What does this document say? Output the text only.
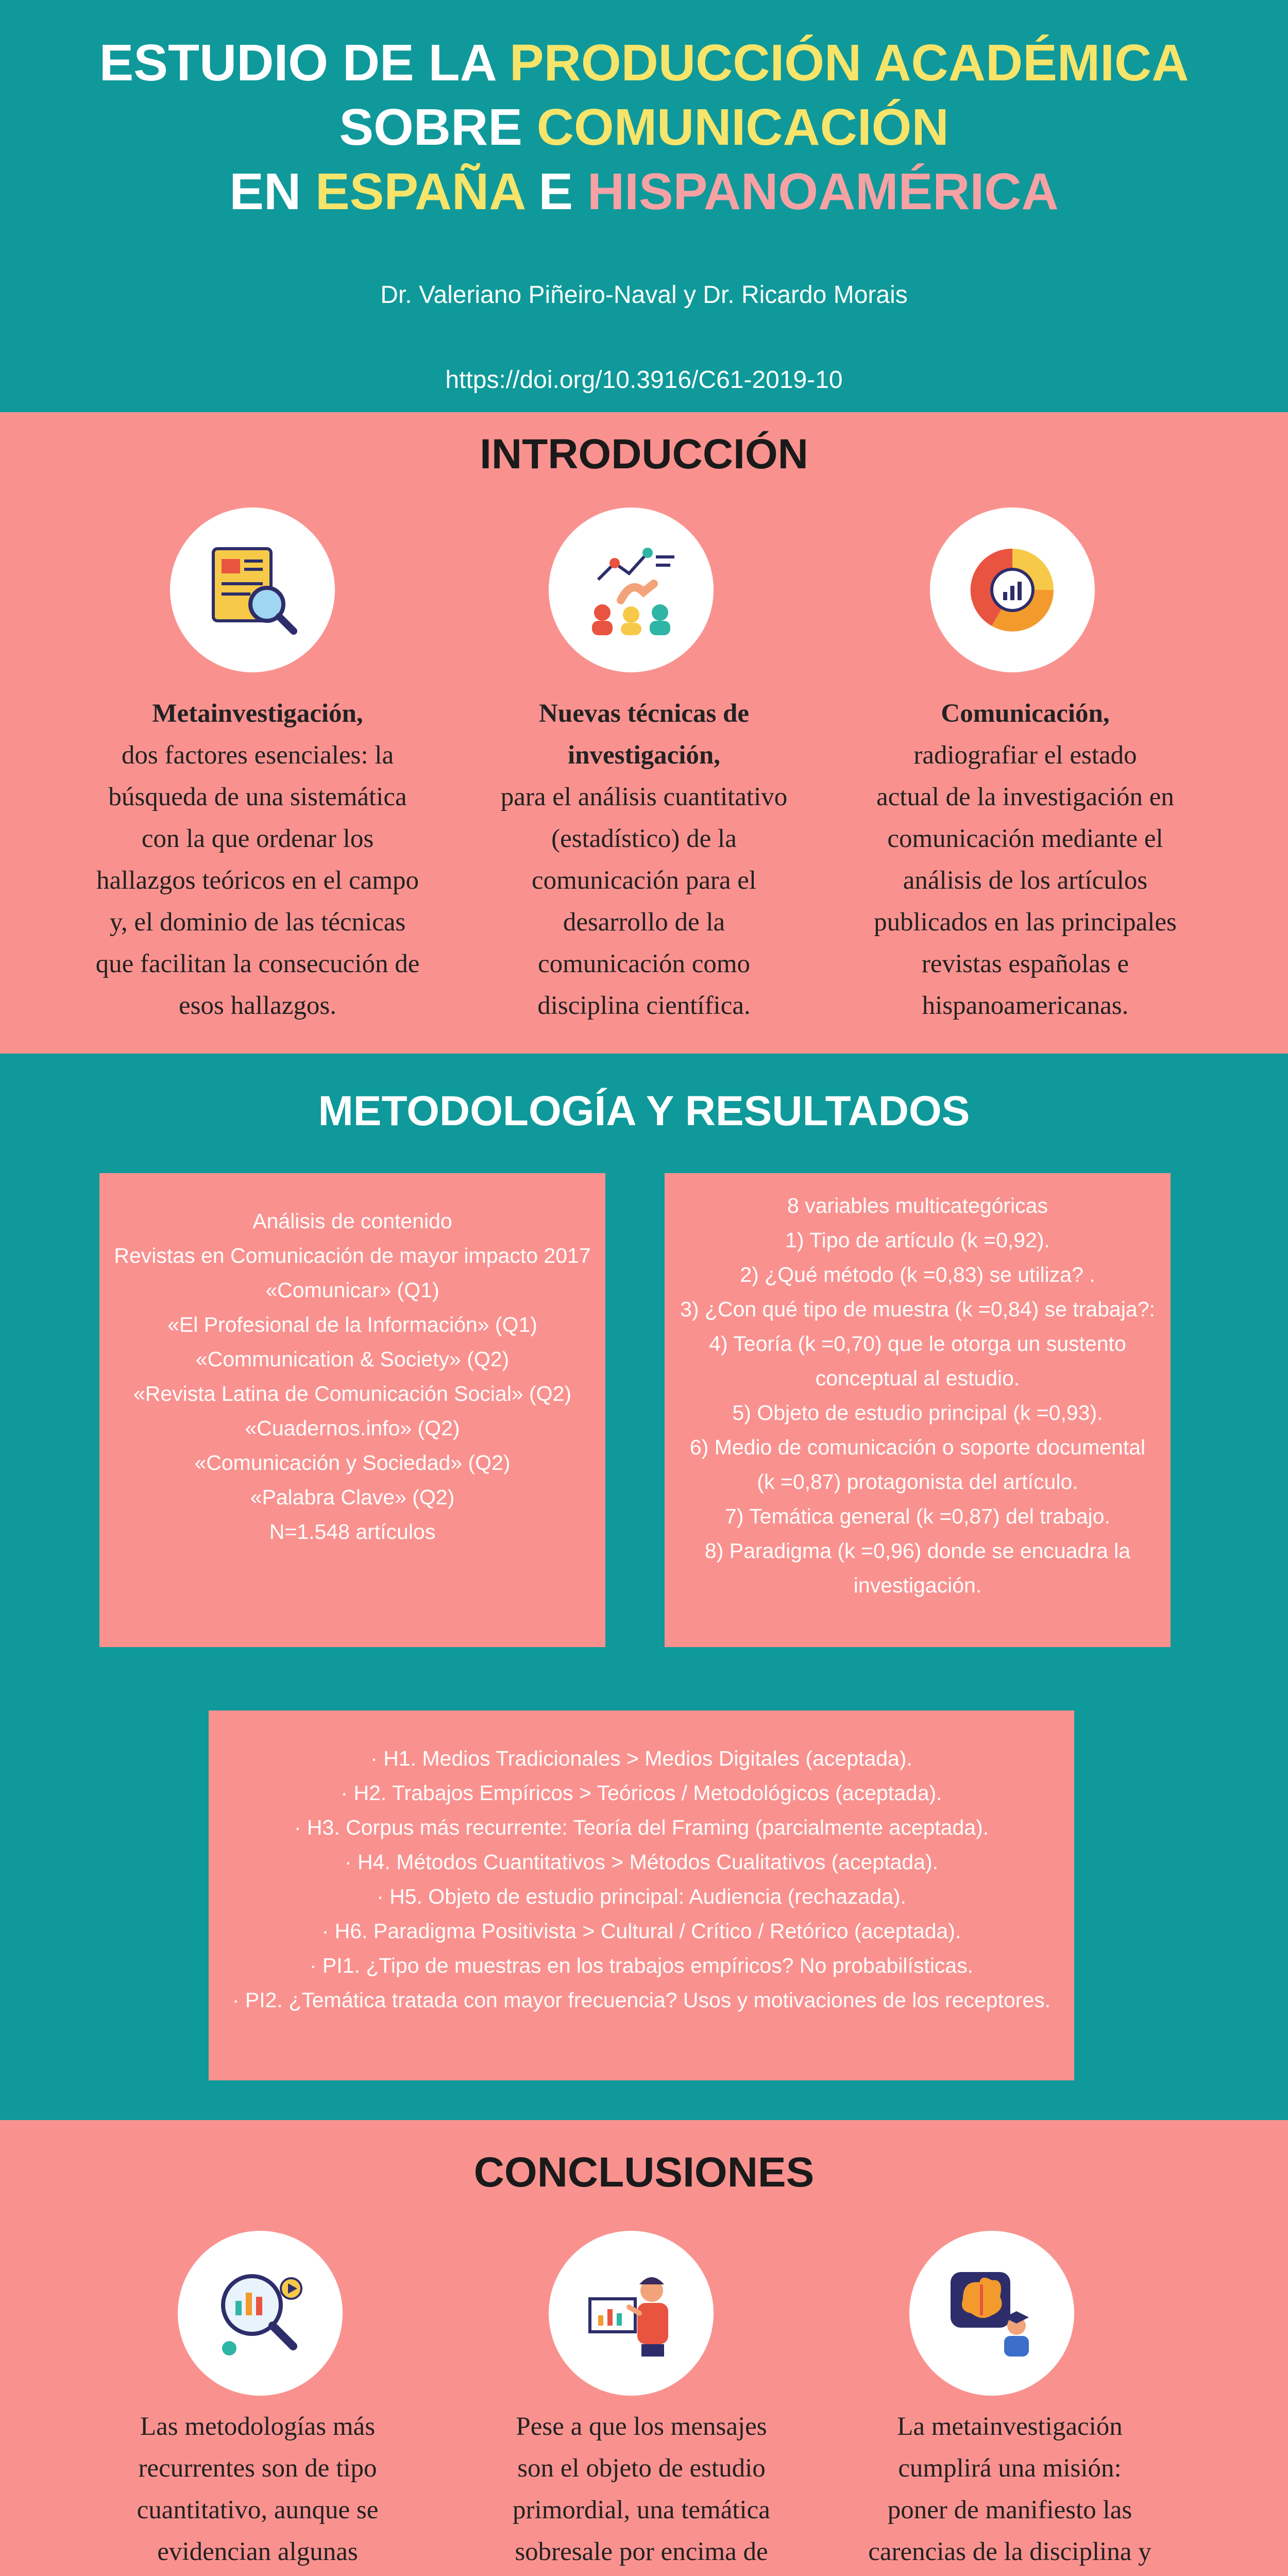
ESTUDIO DE LA PRODUCCIÓN ACADÉMICA
SOBRE COMUNICACIÓN
EN ESPAÑA E HISPANOAMÉRICA
Dr. Valeriano Piñeiro-Naval y Dr. Ricardo Morais
https://doi.org/10.3916/C61-2019-10
INTRODUCCIÓN
Metainvestigación,
dos factores esenciales: la
búsqueda de una sistemática
con la que ordenar los
hallazgos teóricos en el campo
y, el dominio de las técnicas
que facilitan la consecución de
esos hallazgos.
Nuevas técnicas de
investigación,
para el análisis cuantitativo
(estadístico) de la
comunicación para el
desarrollo de la
comunicación como
disciplina científica.
Comunicación,
radiografiar el estado
actual de la investigación en
comunicación mediante el
análisis de los artículos
publicados en las principales
revistas españolas e
hispanoamericanas.
METODOLOGÍA Y RESULTADOS
Análisis de contenido
Revistas en Comunicación de mayor impacto 2017
«Comunicar» (Q1)
«El Profesional de la Información» (Q1)
«Communication & Society» (Q2)
«Revista Latina de Comunicación Social» (Q2)
«Cuadernos.info» (Q2)
«Comunicación y Sociedad» (Q2)
«Palabra Clave» (Q2)
N=1.548 artículos
8 variables multicategóricas
1) Tipo de artículo (k =0,92).
2) ¿Qué método (k =0,83) se utiliza? .
3) ¿Con qué tipo de muestra (k =0,84) se trabaja?:
4) Teoría (k =0,70) que le otorga un sustento
conceptual al estudio.
5) Objeto de estudio principal (k =0,93).
6) Medio de comunicación o soporte documental
(k =0,87) protagonista del artículo.
7) Temática general (k =0,87) del trabajo.
8) Paradigma (k =0,96) donde se encuadra la
investigación.
· H1. Medios Tradicionales > Medios Digitales (aceptada).
· H2. Trabajos Empíricos > Teóricos / Metodológicos (aceptada).
· H3. Corpus más recurrente: Teoría del Framing (parcialmente aceptada).
· H4. Métodos Cuantitativos > Métodos Cualitativos (aceptada).
· H5. Objeto de estudio principal: Audiencia (rechazada).
· H6. Paradigma Positivista > Cultural / Crítico / Retórico (aceptada).
· PI1. ¿Tipo de muestras en los trabajos empíricos? No probabilísticas.
· PI2. ¿Temática tratada con mayor frecuencia? Usos y motivaciones de los receptores.
CONCLUSIONES
Las metodologías más
recurrentes son de tipo
cuantitativo, aunque se
evidencian algunas
Pese a que los mensajes
son el objeto de estudio
primordial, una temática
sobresale por encima de
La metainvestigación
cumplirá una misión:
poner de manifiesto las
carencias de la disciplina y
